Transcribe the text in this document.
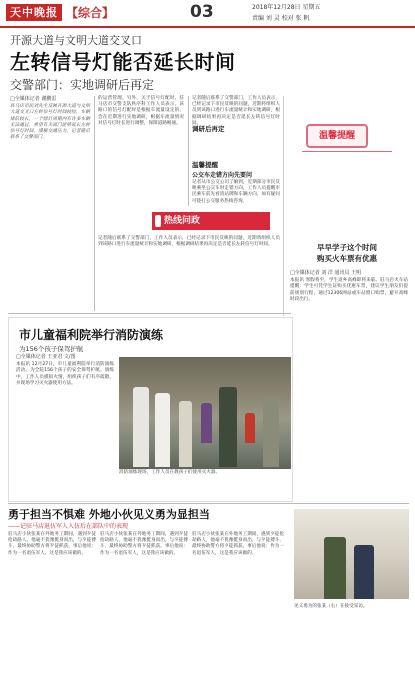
天中晚报 【综合】	03	2018年12月28日 星期五
责编 刘 灵 校对 张 帆
开源大道与文明大道交叉口
左转信号灯能否延长时间
交警部门：实地调研后再定
□全媒体记者 谢鹏雷
驻马店市民刘先生反映开源大道与文明大道交叉口左转信号灯时间较短，车辆排队较长，一个绿灯周期内有许多车辆无法通过，希望有关部门能够延长左转信号灯时间，缓解交通压力。记者随后联系了交警部门。
的运营管理。另外，关于信号灯配时，驻马店市交警支队秩序科工作人员表示，该路口的信号灯配时是根据车流量设定的，会在近期进行实地调研，根据车流量情况对信号灯时长进行调整，保障道路畅通。
记者随后联系了交警部门，工作人员表示，已经记录下市民反映的问题，近期将组织人员到该路口进行车流量统计和实地调研，根据调研结果再决定是否延长左转信号灯时间。
调研后再定
温馨提醒
公交车走错方向先要问
记者从市公交公司了解到，近期部分市民反映乘坐公交车时走错方向，工作人员提醒市民乘车前先看清站牌和车辆方向，如有疑问可拨打公交服务热线咨询。
热线问政
记者随后联系了交警部门，工作人员表示，已经记录下市民反映的问题，近期将组织人员到该路口进行车流量统计和实地调研，根据调研结果再决定是否延长左转信号灯时间。
温馨提醒
早早学子这个时间
购买火车票有优惠
□全媒体记者 刘 洋 通讯员 王明
本报讯 寒假将至，学生返乡高峰即将来临。驻马店火车站提醒：学生可凭学生证购买优惠车票，建议学生朋友们提前规划行程，通过12306网站或车站窗口购票，避开高峰时段出行。
市儿童福利院举行消防演练
为156个孩子保驾护航
□全媒体记者 王亚君 文/图
本报讯 12月27日，市儿童福利院举行消防演练活动，为全院156个孩子的安全保驾护航。演练中，工作人员模拟火情，组织孩子们有序疏散，并现场学习灭火器使用方法。
消防演练现场，工作人员在教孩子们使用灭火器。
勇于担当不惧难 外地小伙见义勇为显担当
——记驻马店退伍军人入伍后在部队中的表现
驻马店小伙张某在外地务工期间，遇到歹徒抢劫路人，他毫不犹豫挺身而出，与歹徒搏斗，最终协助警方将歹徒抓获。事后他说：作为一名退伍军人，这是我应该做的。
驻马店小伙张某在外地务工期间，遇到歹徒抢劫路人，他毫不犹豫挺身而出，与歹徒搏斗，最终协助警方将歹徒抓获。事后他说：作为一名退伍军人，这是我应该做的。
驻马店小伙张某在外地务工期间，遇到歹徒抢劫路人，他毫不犹豫挺身而出，与歹徒搏斗，最终协助警方将歹徒抓获。事后他说：作为一名退伍军人，这是我应该做的。
见义勇为的张某（右）在接受采访。
